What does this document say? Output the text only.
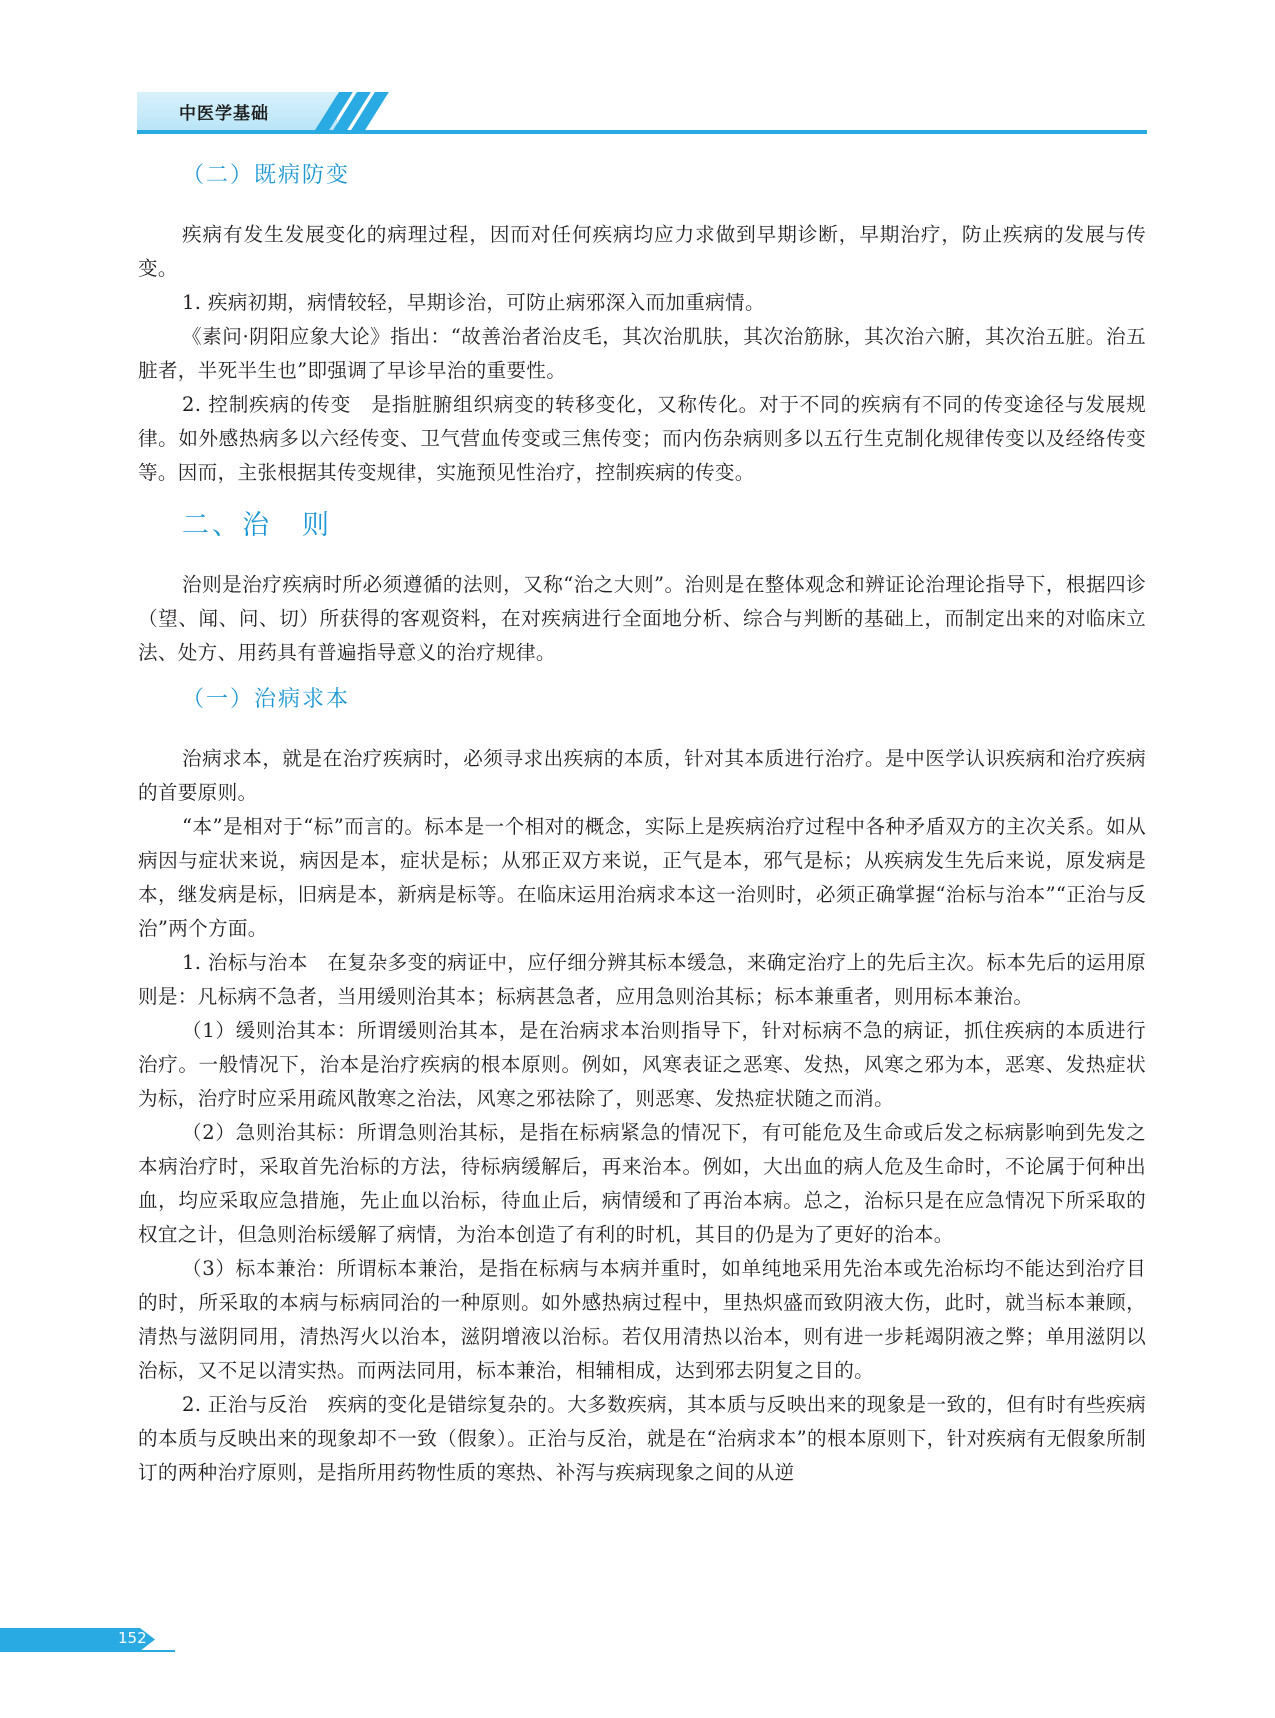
中医学基础
（二）既病防变

疾病有发生发展变化的病理过程，因而对任何疾病均应力求做到早期诊断，早期治疗，防止疾病的发展与传变。

1. 疾病初期，病情较轻，早期诊治，可防止病邪深入而加重病情。

《素问·阴阳应象大论》指出：“故善治者治皮毛，其次治肌肤，其次治筋脉，其次治六腑，其次治五脏。治五脏者，半死半生也”即强调了早诊早治的重要性。

2. 控制疾病的传变　是指脏腑组织病变的转移变化，又称传化。对于不同的疾病有不同的传变途径与发展规律。如外感热病多以六经传变、卫气营血传变或三焦传变；而内伤杂病则多以五行生克制化规律传变以及经络传变等。因而，主张根据其传变规律，实施预见性治疗，控制疾病的传变。

二、治　则

治则是治疗疾病时所必须遵循的法则，又称“治之大则”。治则是在整体观念和辨证论治理论指导下，根据四诊（望、闻、问、切）所获得的客观资料，在对疾病进行全面地分析、综合与判断的基础上，而制定出来的对临床立法、处方、用药具有普遍指导意义的治疗规律。

（一）治病求本

治病求本，就是在治疗疾病时，必须寻求出疾病的本质，针对其本质进行治疗。是中医学认识疾病和治疗疾病的首要原则。

“本”是相对于“标”而言的。标本是一个相对的概念，实际上是疾病治疗过程中各种矛盾双方的主次关系。如从病因与症状来说，病因是本，症状是标；从邪正双方来说，正气是本，邪气是标；从疾病发生先后来说，原发病是本，继发病是标，旧病是本，新病是标等。在临床运用治病求本这一治则时，必须正确掌握“治标与治本”“正治与反治”两个方面。

1. 治标与治本　在复杂多变的病证中，应仔细分辨其标本缓急，来确定治疗上的先后主次。标本先后的运用原则是：凡标病不急者，当用缓则治其本；标病甚急者，应用急则治其标；标本兼重者，则用标本兼治。

（1）缓则治其本：所谓缓则治其本，是在治病求本治则指导下，针对标病不急的病证，抓住疾病的本质进行治疗。一般情况下，治本是治疗疾病的根本原则。例如，风寒表证之恶寒、发热，风寒之邪为本，恶寒、发热症状为标，治疗时应采用疏风散寒之治法，风寒之邪祛除了，则恶寒、发热症状随之而消。

（2）急则治其标：所谓急则治其标，是指在标病紧急的情况下，有可能危及生命或后发之标病影响到先发之本病治疗时，采取首先治标的方法，待标病缓解后，再来治本。例如，大出血的病人危及生命时，不论属于何种出血，均应采取应急措施，先止血以治标，待血止后，病情缓和了再治本病。总之，治标只是在应急情况下所采取的权宜之计，但急则治标缓解了病情，为治本创造了有利的时机，其目的仍是为了更好的治本。

（3）标本兼治：所谓标本兼治，是指在标病与本病并重时，如单纯地采用先治本或先治标均不能达到治疗目的时，所采取的本病与标病同治的一种原则。如外感热病过程中，里热炽盛而致阴液大伤，此时，就当标本兼顾，清热与滋阴同用，清热泻火以治本，滋阴增液以治标。若仅用清热以治本，则有进一步耗竭阴液之弊；单用滋阴以治标，又不足以清实热。而两法同用，标本兼治，相辅相成，达到邪去阴复之目的。

2. 正治与反治　疾病的变化是错综复杂的。大多数疾病，其本质与反映出来的现象是一致的，但有时有些疾病的本质与反映出来的现象却不一致（假象）。正治与反治，就是在“治病求本”的根本原则下，针对疾病有无假象所制订的两种治疗原则，是指所用药物性质的寒热、补泻与疾病现象之间的从逆

152
